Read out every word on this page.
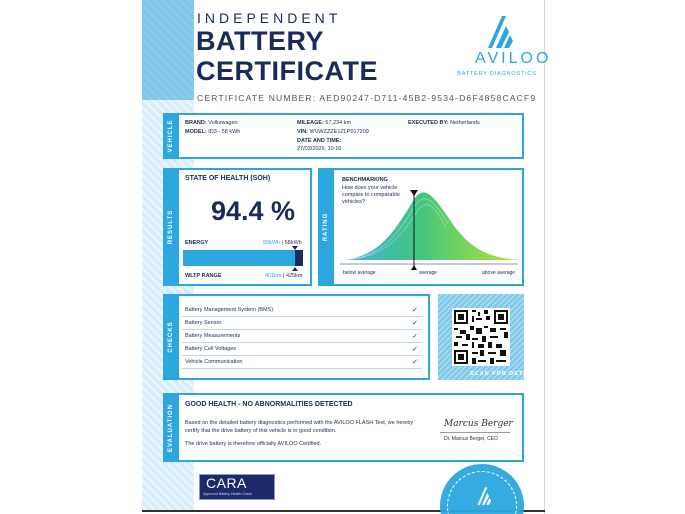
INDEPENDENT
BATTERY
CERTIFICATE
CERTIFICATE NUMBER: AED90247-D711-45B2-9534-D6F4858CACF9
AVILOO
BATTERY DIAGNOSTICS
VEHICLE BRAND: Volkswagen
MODEL: ID3 - 58 kWh
MILEAGE: 57,234 km
VIN: WVWZZZE1ZLP017209
DATE AND TIME:
27/03/2026, 10:16
EXECUTED BY: Netherlands
RESULTS
STATE OF HEALTH (SOH)
94.4 %
ENERGY	55kWh | 58kWh
WLTP RANGE	401km | 425km
RATING
BENCHMARKING
How does your vehicle compare to comparable vehicles?
below average	average	above average
CHECKS
Battery Management System (BMS)	✓
Battery Sensor	✓
Battery Measurements	✓
Battery Cell Voltages	✓
Vehicle Communication	✓
SCAN FOR DETAILS
EVALUATION GOOD HEALTH - NO ABNORMALITIES DETECTED
Based on the detailed battery diagnostics performed with the AVILOO FLASH Test, we hereby
certify that the drive battery of this vehicle is in good condition.
The drive battery is therefore officially AVILOO Certified.
Marcus Berger
Dr. Marcus Berger, CEO
CARA
Approved Battery Health Check
